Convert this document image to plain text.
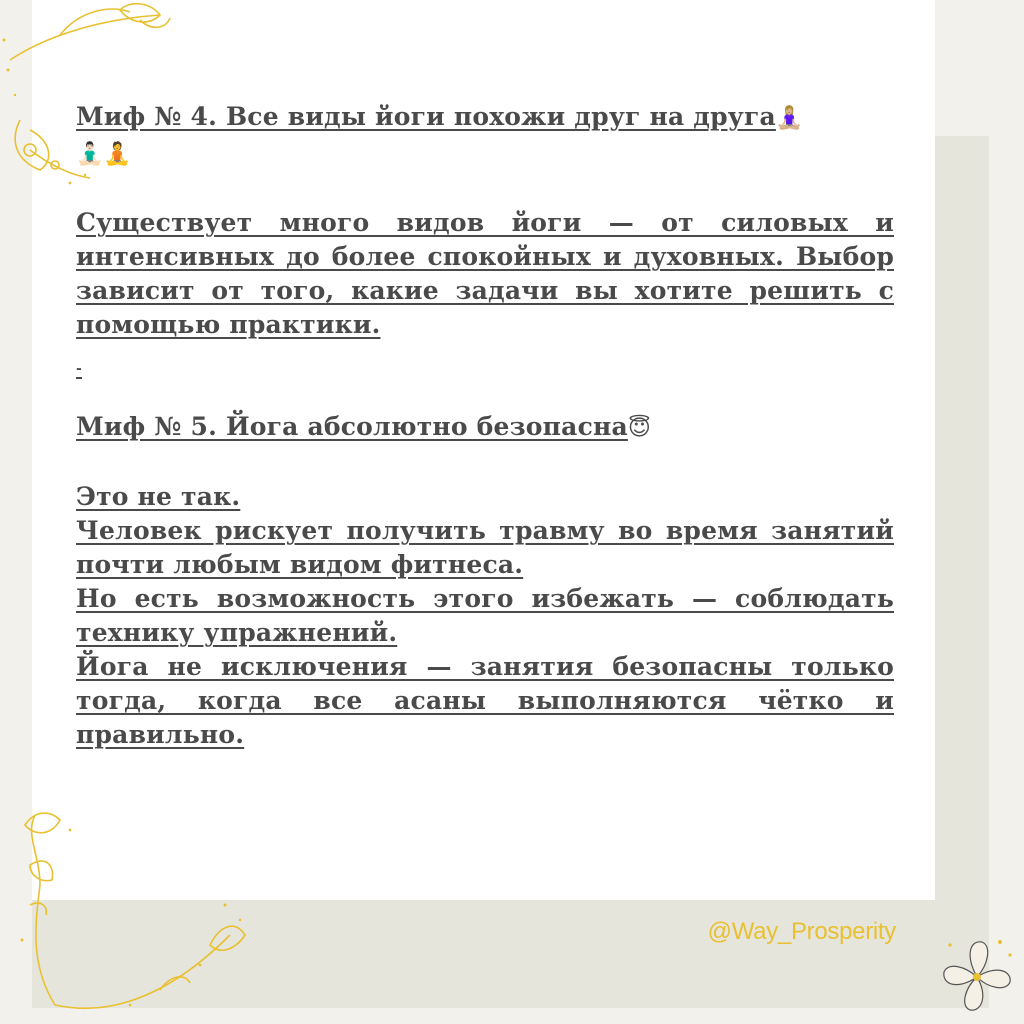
Миф № 4. Все виды йоги похожи друг на друга🧘🏼‍♀️
🧘🏻‍♂️🧘

Существует много видов йоги — от силовых и интенсивных до более спокойных и духовных. Выбор зависит от того, какие задачи вы хотите решить с помощью практики.

-

Миф № 5. Йога абсолютно безопасна😇

Это не так.

Человек рискует получить травму во время занятий почти любым видом фитнеса.

Но есть возможность этого избежать — соблюдать технику упражнений.

Йога не исключения — занятия безопасны только тогда, когда все асаны выполняются чётко и правильно.

@Way_Prosperity
